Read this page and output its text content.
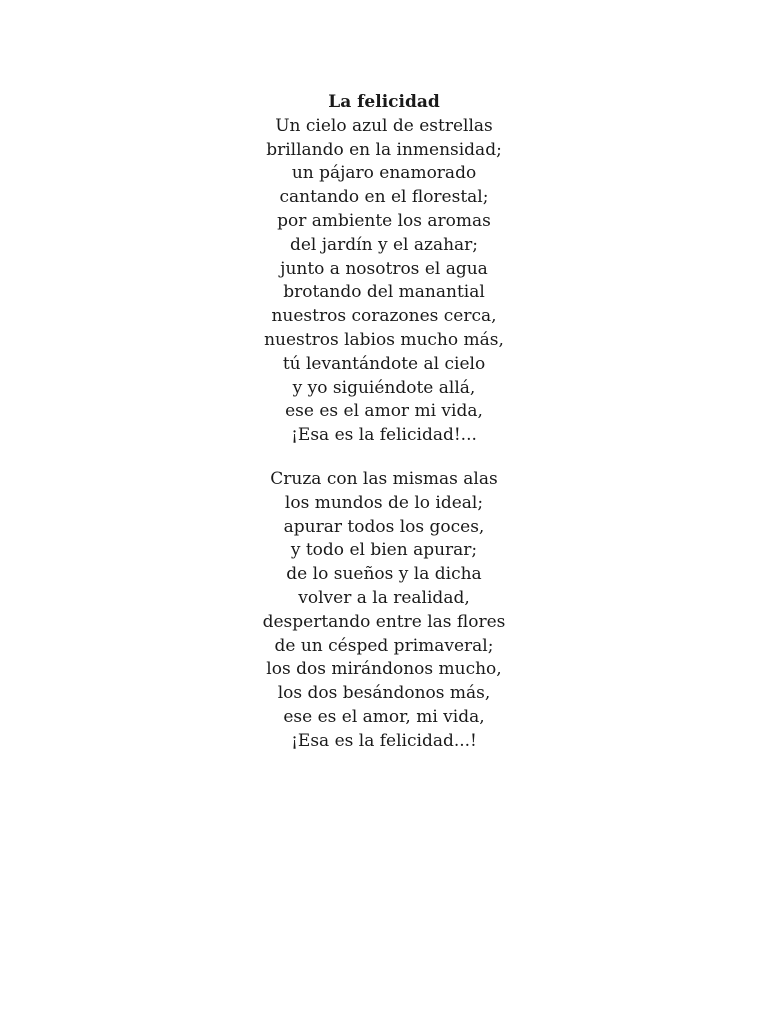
La felicidad
Un cielo azul de estrellas
brillando en la inmensidad;
un pájaro enamorado
cantando en el florestal;
por ambiente los aromas
del jardín y el azahar;
junto a nosotros el agua
brotando del manantial
nuestros corazones cerca,
nuestros labios mucho más,
tú levantándote al cielo
y yo siguiéndote allá,
ese es el amor mi vida,
¡Esa es la felicidad!...
Cruza con las mismas alas
los mundos de lo ideal;
apurar todos los goces,
y todo el bien apurar;
de lo sueños y la dicha
volver a la realidad,
despertando entre las flores
de un césped primaveral;
los dos mirándonos mucho,
los dos besándonos más,
ese es el amor, mi vida,
¡Esa es la felicidad...!
